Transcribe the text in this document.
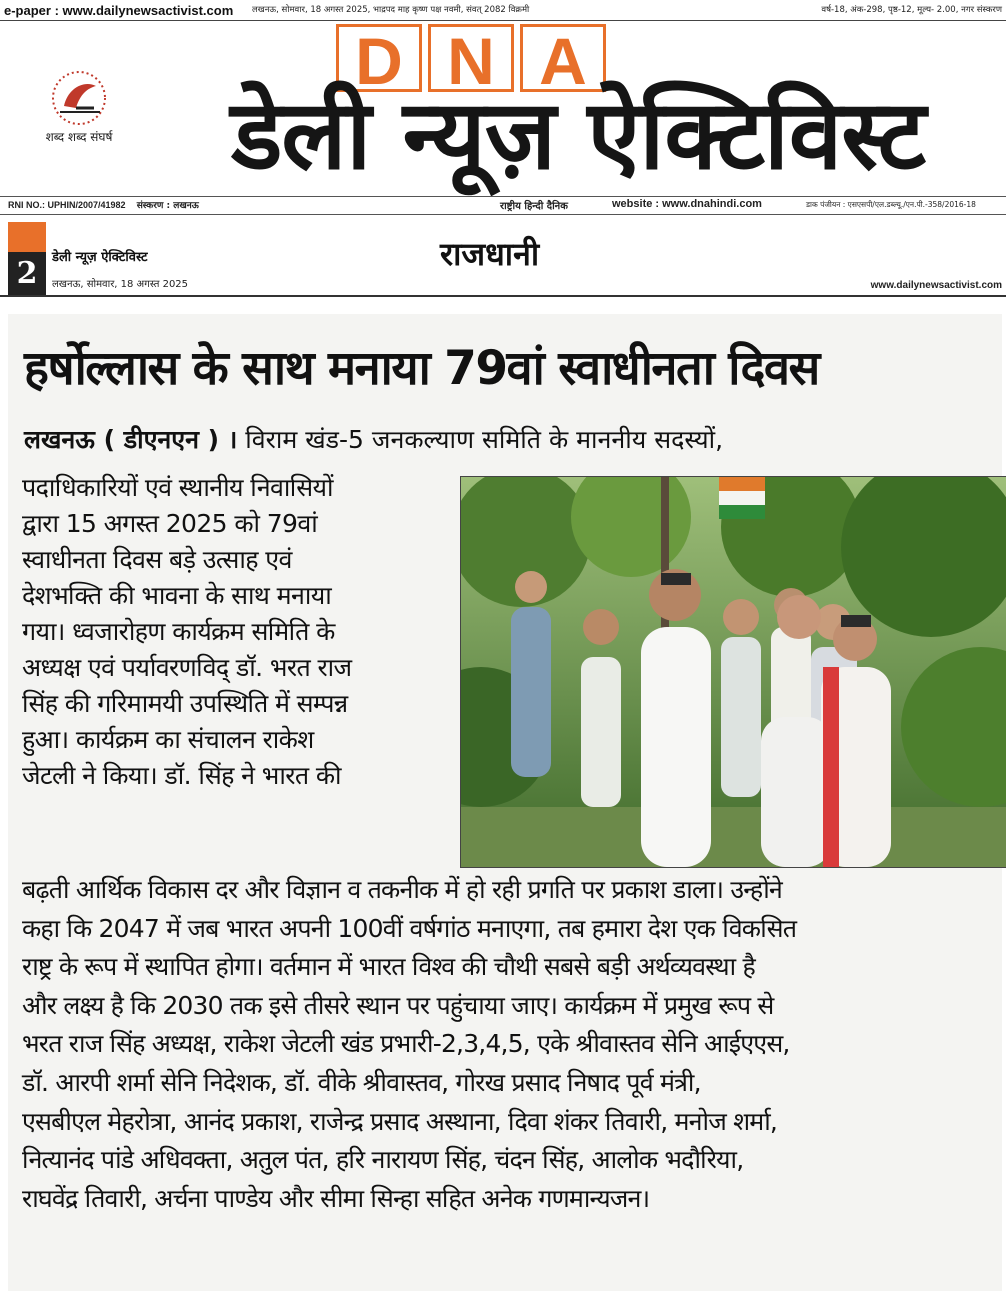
e-paper : www.dailynewsactivist.com लखनऊ, सोमवार, 18 अगस्त 2025, भाद्रपद माह कृष्ण पक्ष नवमी, संवत् 2082 विक्रमी	वर्ष-18, अंक-298, पृष्ठ-12, मूल्य- 2.00, नगर संस्करण
शब्द शब्द संघर्ष
D N A
डेली न्यूज़ ऐक्टिविस्ट
RNI NO.: UPHIN/2007/41982 संस्करण : लखनऊ	राष्ट्रीय हिन्दी दैनिक	website : www.dnahindi.com	डाक पंजीयन : एसएसपी/एल.डब्ल्यू./एन.पी.-358/2016-18
2	डेली न्यूज़ ऐक्टिविस्ट
लखनऊ, सोमवार, 18 अगस्त 2025
राजधानी
www.dailynewsactivist.com
हर्षोल्लास के साथ मनाया 79वां स्वाधीनता दिवस
लखनऊ ( डीएनएन ) । विराम खंड-5 जनकल्याण समिति के माननीय सदस्यों,
पदाधिकारियों एवं स्थानीय निवासियों
द्वारा 15 अगस्त 2025 को 79वां
स्वाधीनता दिवस बड़े उत्साह एवं
देशभक्ति की भावना के साथ मनाया
गया। ध्वजारोहण कार्यक्रम समिति के
अध्यक्ष एवं पर्यावरणविद् डॉ. भरत राज
सिंह की गरिमामयी उपस्थिति में सम्पन्न
हुआ। कार्यक्रम का संचालन राकेश
जेटली ने किया। डॉ. सिंह ने भारत की
बढ़ती आर्थिक विकास दर और विज्ञान व तकनीक में हो रही प्रगति पर प्रकाश डाला। उन्होंने
कहा कि 2047 में जब भारत अपनी 100वीं वर्षगांठ मनाएगा, तब हमारा देश एक विकसित
राष्ट्र के रूप में स्थापित होगा। वर्तमान में भारत विश्व की चौथी सबसे बड़ी अर्थव्यवस्था है
और लक्ष्य है कि 2030 तक इसे तीसरे स्थान पर पहुंचाया जाए। कार्यक्रम में प्रमुख रूप से
भरत राज सिंह अध्यक्ष, राकेश जेटली खंड प्रभारी-2,3,4,5, एके श्रीवास्तव सेनि आईएएस,
डॉ. आरपी शर्मा सेनि निदेशक, डॉ. वीके श्रीवास्तव, गोरख प्रसाद निषाद पूर्व मंत्री,
एसबीएल मेहरोत्रा, आनंद प्रकाश, राजेन्द्र प्रसाद अस्थाना, दिवा शंकर तिवारी, मनोज शर्मा,
नित्यानंद पांडे अधिवक्ता, अतुल पंत, हरि नारायण सिंह, चंदन सिंह, आलोक भदौरिया,
राघवेंद्र तिवारी, अर्चना पाण्डेय और सीमा सिन्हा सहित अनेक गणमान्यजन।
